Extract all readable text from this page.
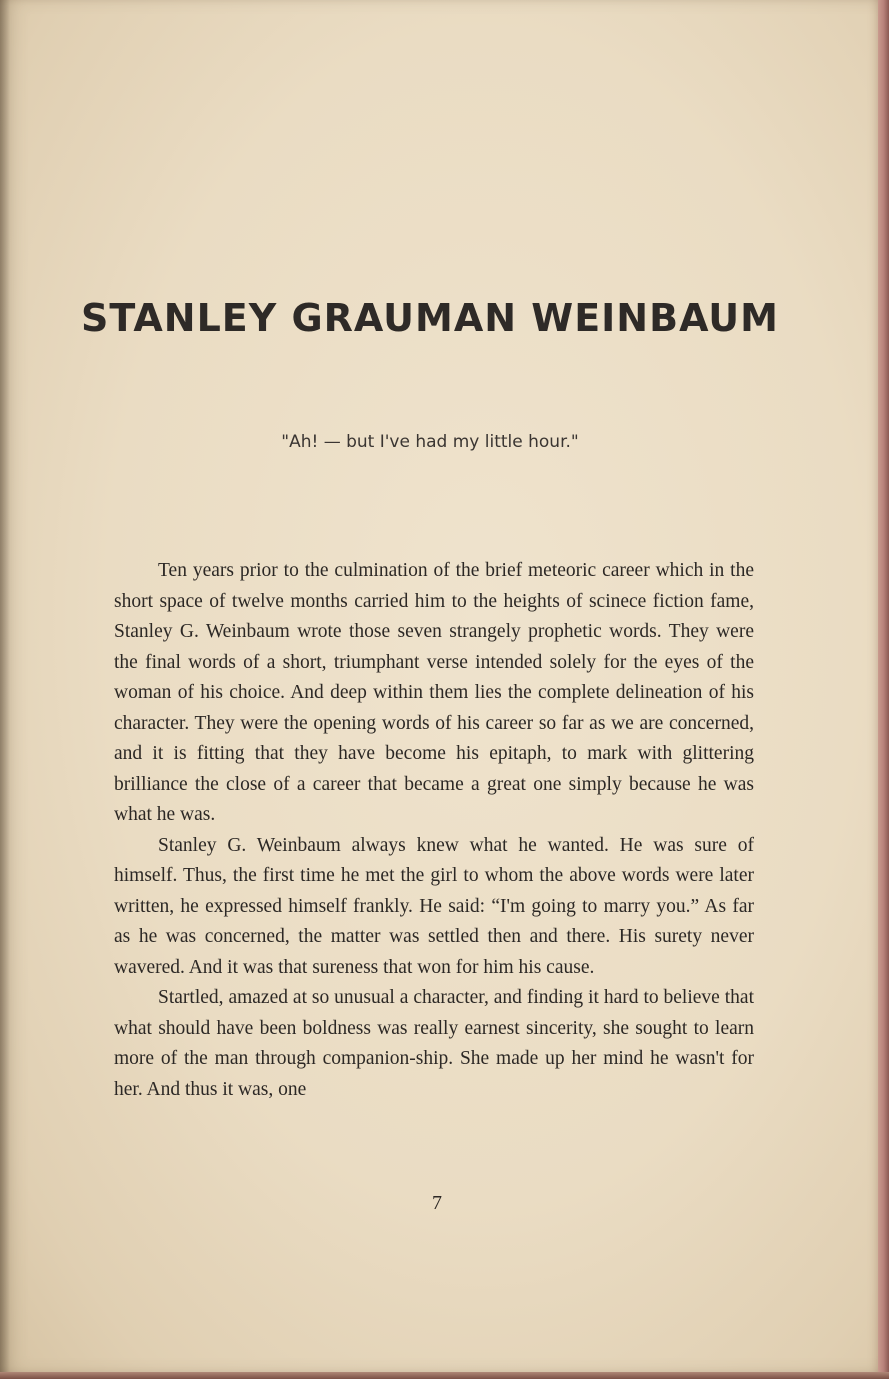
STANLEY GRAUMAN WEINBAUM
"Ah! — but I've had my little hour."

Ten years prior to the culmination of the brief meteoric career which in the short space of twelve months carried him to the heights of scinece fiction fame, Stanley G. Weinbaum wrote those seven strangely prophetic words. They were the final words of a short, triumphant verse intended solely for the eyes of the woman of his choice. And deep within them lies the complete delineation of his character. They were the opening words of his career so far as we are concerned, and it is fitting that they have become his epitaph, to mark with glittering brilliance the close of a career that became a great one simply because he was what he was.

Stanley G. Weinbaum always knew what he wanted. He was sure of himself. Thus, the first time he met the girl to whom the above words were later written, he expressed himself frankly. He said: “I'm going to marry you.” As far as he was concerned, the matter was settled then and there. His surety never wavered. And it was that sureness that won for him his cause.

Startled, amazed at so unusual a character, and finding it hard to believe that what should have been boldness was really earnest sincerity, she sought to learn more of the man through companion-ship. She made up her mind he wasn't for her. And thus it was, one

7
